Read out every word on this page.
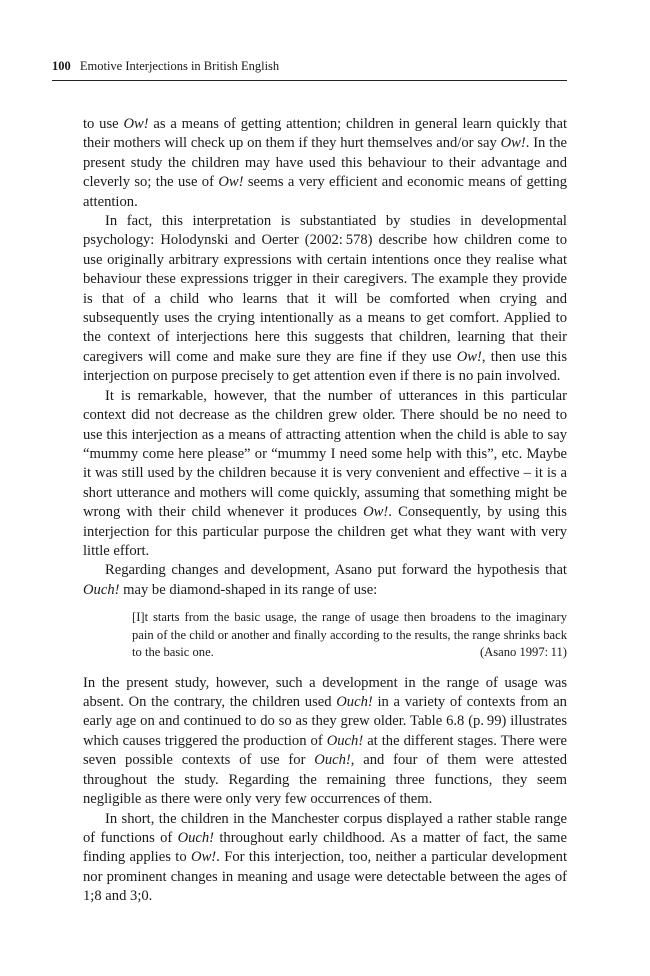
100 Emotive Interjections in British English

to use Ow! as a means of getting attention; children in general learn quickly that their mothers will check up on them if they hurt themselves and/or say Ow!. In the present study the children may have used this behaviour to their advantage and cleverly so; the use of Ow! seems a very efficient and economic means of getting attention.

In fact, this interpretation is substantiated by studies in developmental psychology: Holodynski and Oerter (2002: 578) describe how children come to use originally arbitrary expressions with certain intentions once they realise what behaviour these expressions trigger in their caregivers. The example they provide is that of a child who learns that it will be comforted when crying and subsequently uses the crying intentionally as a means to get comfort. Applied to the context of interjections here this suggests that children, learning that their caregivers will come and make sure they are fine if they use Ow!, then use this interjection on purpose precisely to get attention even if there is no pain involved.

It is remarkable, however, that the number of utterances in this particular context did not decrease as the children grew older. There should be no need to use this interjection as a means of attracting attention when the child is able to say “mummy come here please” or “mummy I need some help with this”, etc. Maybe it was still used by the children because it is very convenient and effective – it is a short utterance and mothers will come quickly, assuming that something might be wrong with their child whenever it produces Ow!. Consequently, by using this interjection for this particular purpose the children get what they want with very little effort.

Regarding changes and development, Asano put forward the hypothesis that Ouch! may be diamond-shaped in its range of use:

[I]t starts from the basic usage, the range of usage then broadens to the imaginary pain of the child or another and finally according to the results, the range shrinks back to the basic one.	(Asano 1997: 11)

In the present study, however, such a development in the range of usage was absent. On the contrary, the children used Ouch! in a variety of contexts from an early age on and continued to do so as they grew older. Table 6.8 (p. 99) illustrates which causes triggered the production of Ouch! at the different stages. There were seven possible contexts of use for Ouch!, and four of them were attested throughout the study. Regarding the remaining three functions, they seem negligible as there were only very few occurrences of them.

In short, the children in the Manchester corpus displayed a rather stable range of functions of Ouch! throughout early childhood. As a matter of fact, the same finding applies to Ow!. For this interjection, too, neither a particular development nor prominent changes in meaning and usage were detectable between the ages of 1;8 and 3;0.
